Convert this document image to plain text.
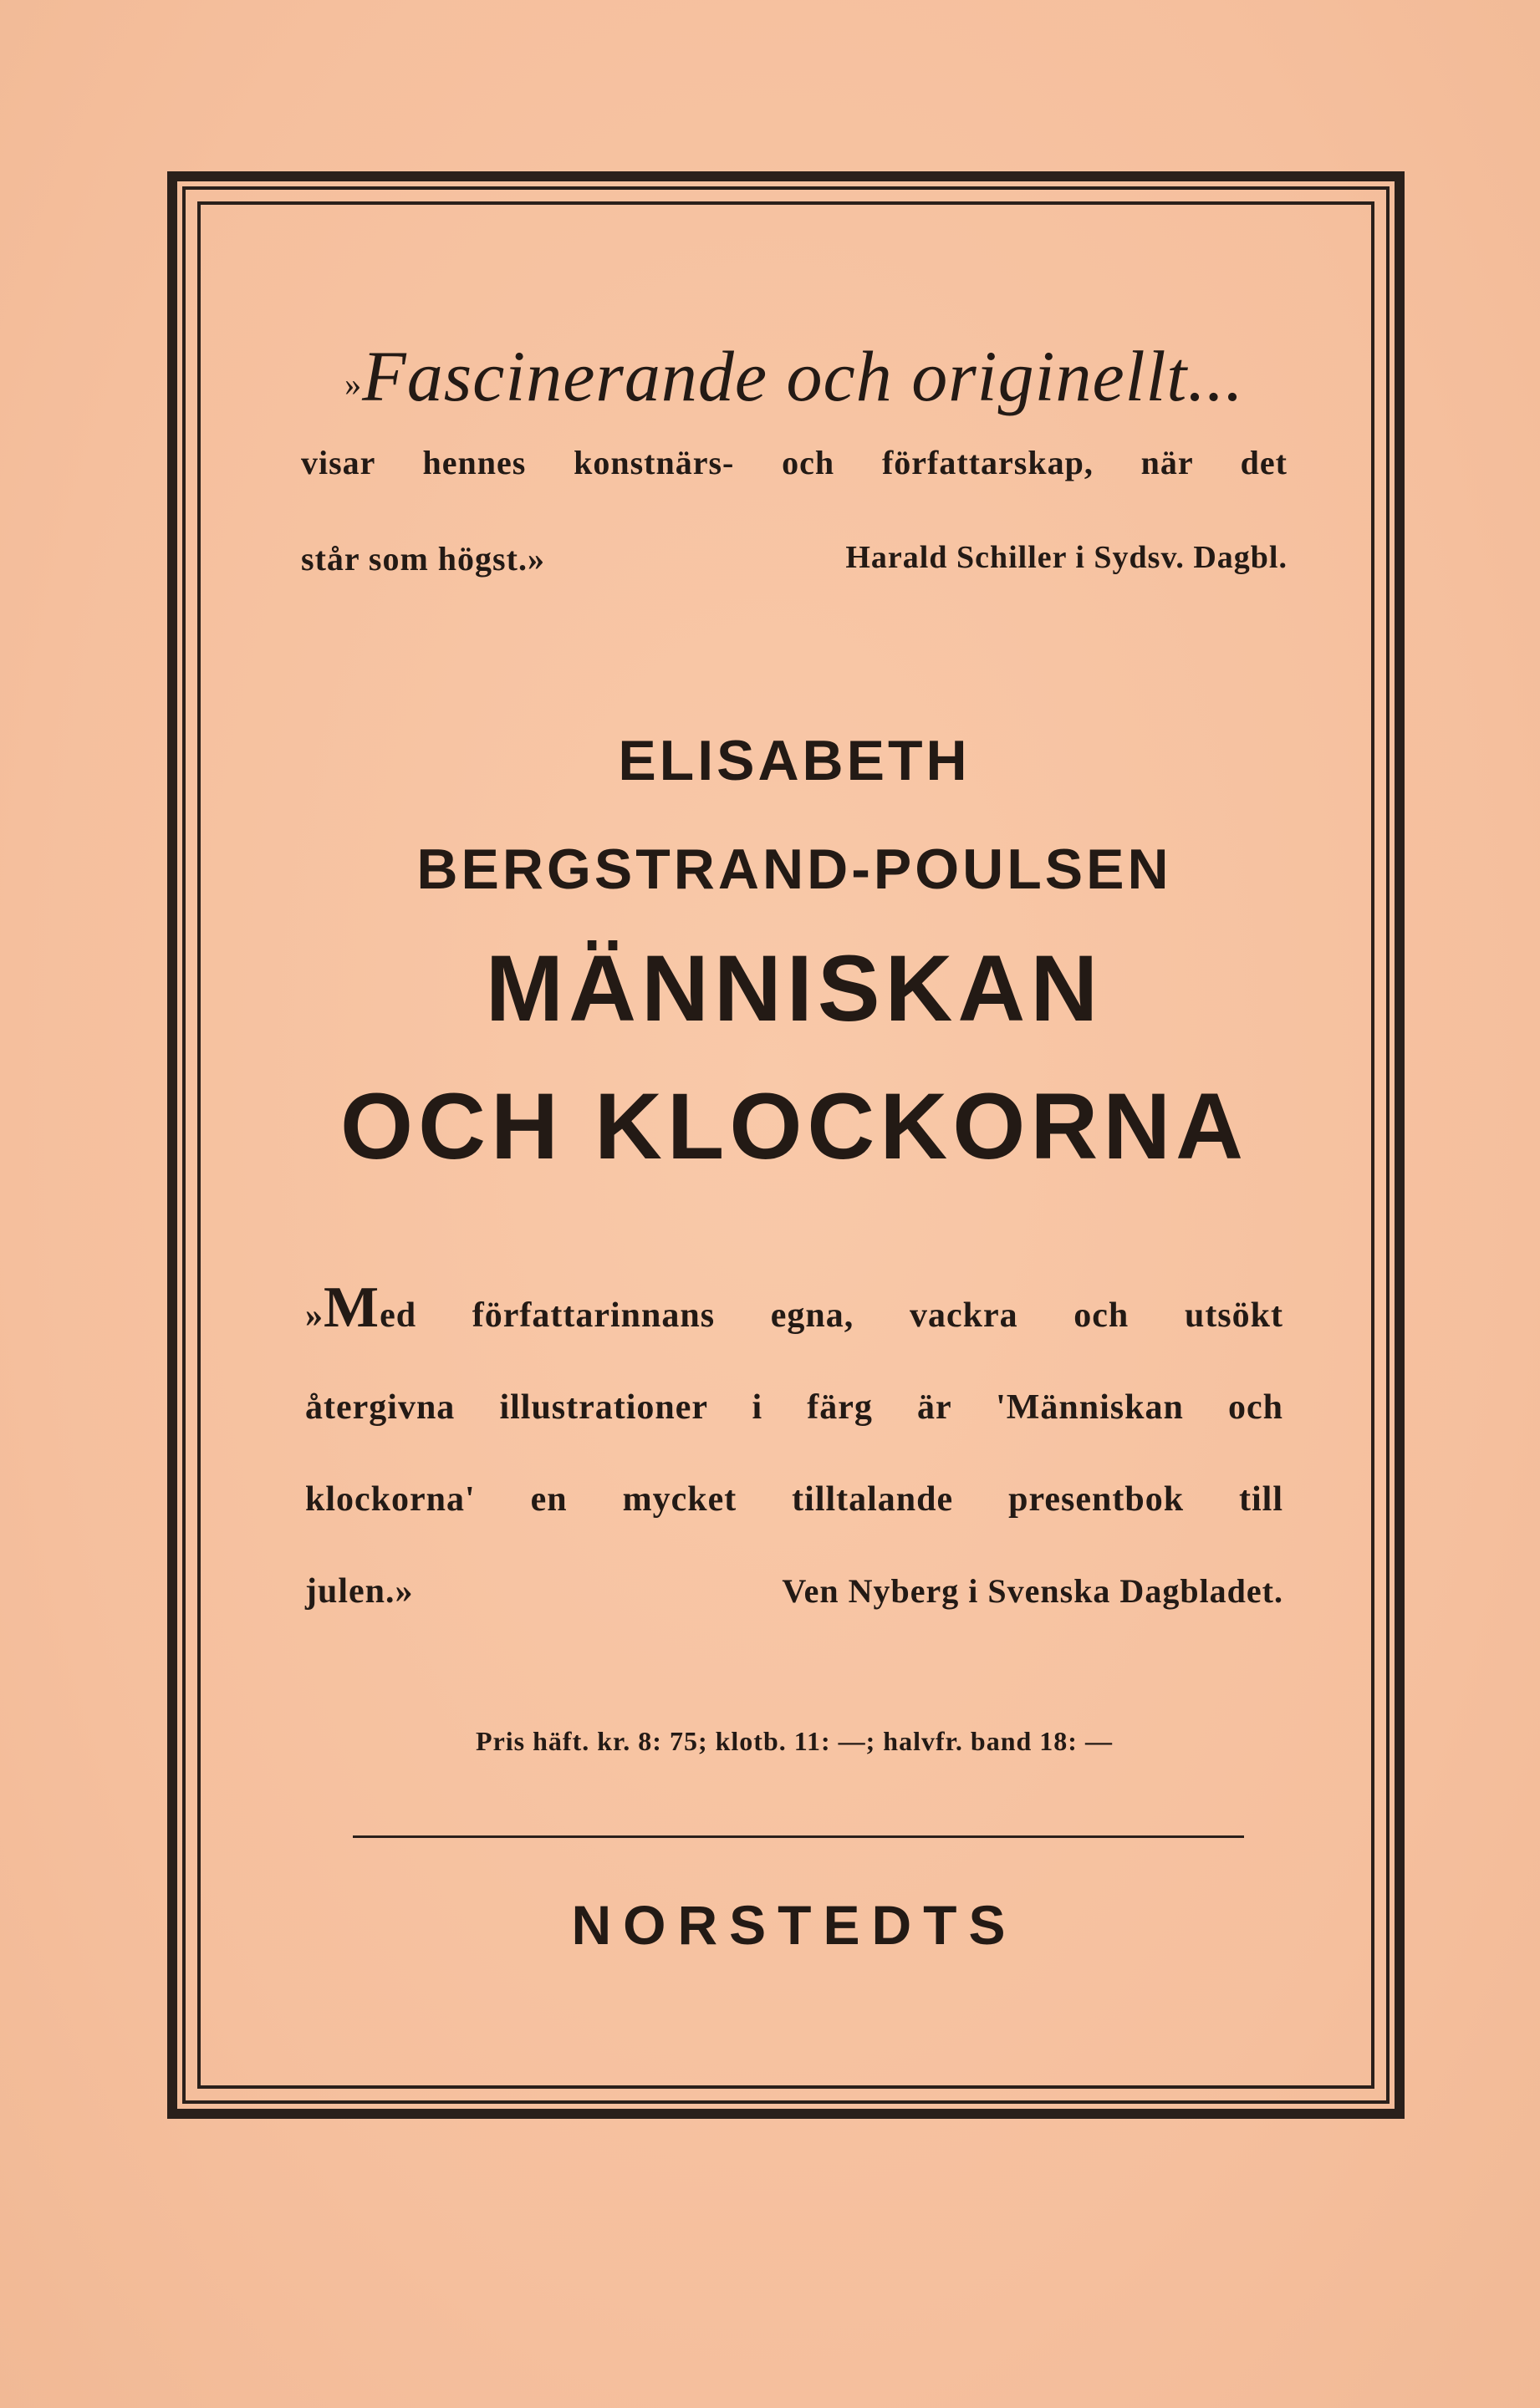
»Fascinerande och originellt...
visar hennes konstnärs- och författarskap, när det
står som högst.»	Harald Schiller i Sydsv. Dagbl.
ELISABETH
BERGSTRAND-POULSEN
MÄNNISKAN
OCH KLOCKORNA
»Med författarinnans egna, vackra och utsökt
återgivna illustrationer i färg är 'Människan och
klockorna' en mycket tilltalande presentbok till
julen.»	Ven Nyberg i Svenska Dagbladet.
Pris häft. kr. 8: 75; klotb. 11: —; halvfr. band 18: —
NORSTEDTS
